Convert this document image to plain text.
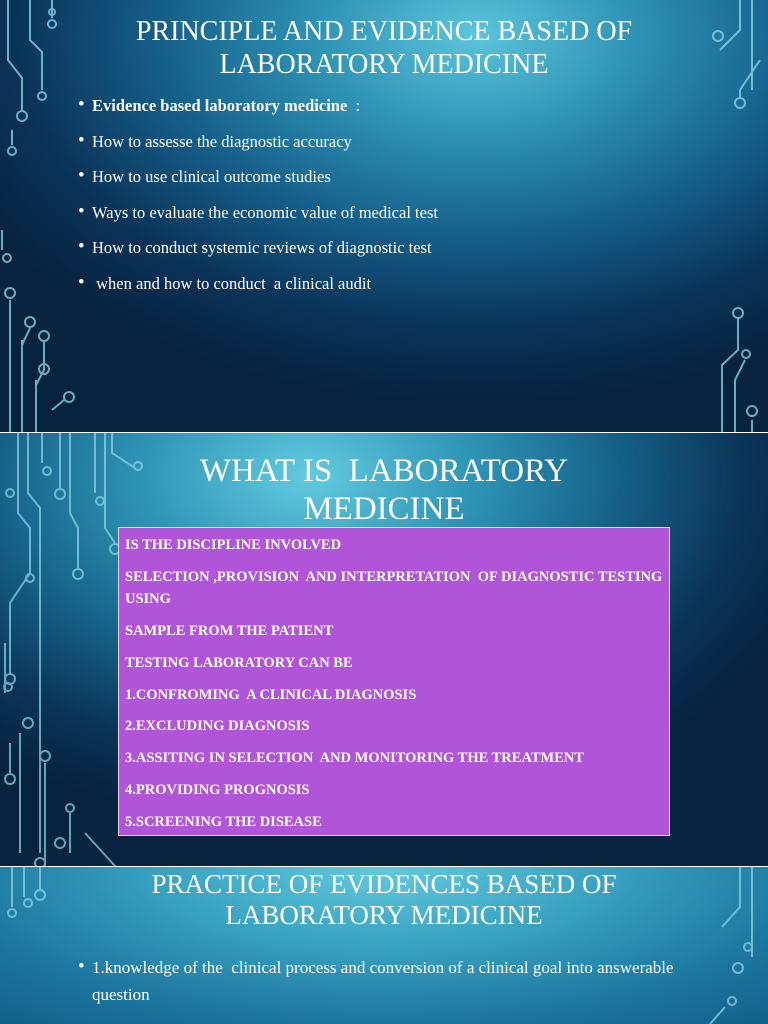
PRINCIPLE AND EVIDENCE BASED OF
LABORATORY MEDICINE
• Evidence based laboratory medicine  :
• How to assesse the diagnostic accuracy
• How to use clinical outcome studies
• Ways to evaluate the economic value of medical test
• How to conduct systemic reviews of diagnostic test
•  when and how to conduct  a clinical audit
WHAT IS  LABORATORY
MEDICINE

IS THE DISCIPLINE INVOLVED

SELECTION ,PROVISION  AND INTERPRETATION  OF DIAGNOSTIC TESTING USING

SAMPLE FROM THE PATIENT

TESTING LABORATORY CAN BE

1.CONFROMING  A CLINICAL DIAGNOSIS

2.EXCLUDING DIAGNOSIS

3.ASSITING IN SELECTION  AND MONITORING THE TREATMENT

4.PROVIDING PROGNOSIS

5.SCREENING THE DISEASE

PRACTICE OF EVIDENCES BASED OF
LABORATORY MEDICINE
• 1.knowledge of the  clinical process and conversion of a clinical goal into answerable  question
